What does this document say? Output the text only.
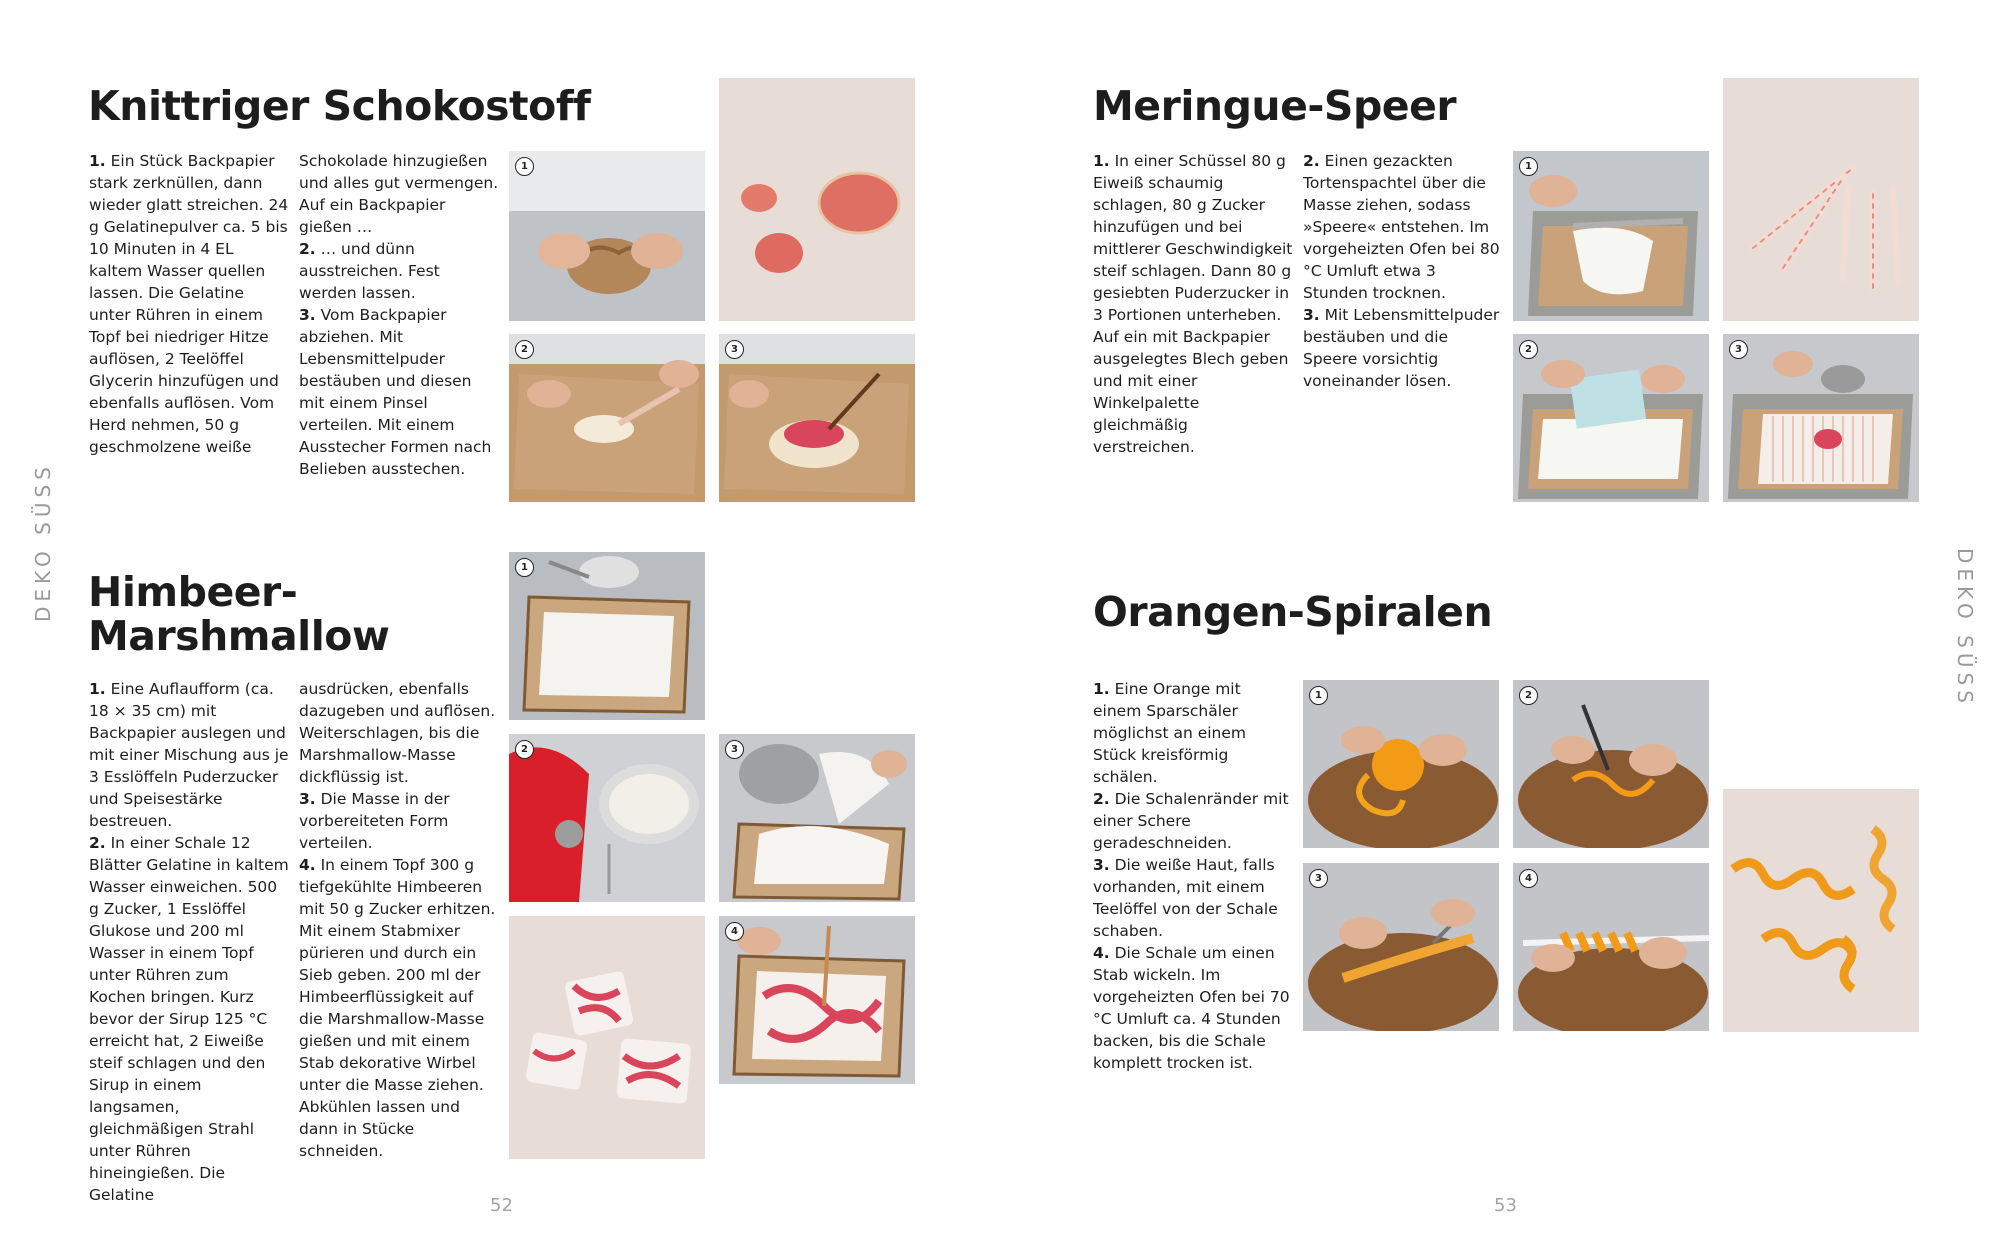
DEKO SÜSS
DEKO SÜSS
Knittriger Schokostoff

1. Ein Stück Backpapier stark zerknüllen, dann wieder glatt streichen. 24 g Gelatinepulver ca. 5 bis 10 Minuten in 4 EL kaltem Wasser quellen lassen. Die Gelatine unter Rühren in einem Topf bei niedriger Hitze auflösen, 2 Teelöffel Glycerin hinzufügen und ebenfalls auflösen. Vom Herd nehmen, 50 g geschmolzene weiße

Schokolade hinzugießen und alles gut vermengen. Auf ein Backpapier gießen …

2. … und dünn ausstreichen. Fest werden lassen.

3. Vom Backpapier abziehen. Mit Lebensmittelpuder bestäuben und diesen mit einem Pinsel verteilen. Mit einem Ausstecher Formen nach Belieben ausstechen.

1
2	3
Himbeer-
Marshmallow

1. Eine Auflaufform (ca. 18 × 35 cm) mit Backpapier auslegen und mit einer Mischung aus je 3 Esslöffeln Puderzucker und Speisestärke bestreuen.

2. In einer Schale 12 Blätter Gelatine in kaltem Wasser einweichen. 500 g Zucker, 1 Esslöffel Glukose und 200 ml Wasser in einem Topf unter Rühren zum Kochen bringen. Kurz bevor der Sirup 125 °C erreicht hat, 2 Eiweiße steif schlagen und den Sirup in einem langsamen, gleichmäßigen Strahl unter Rühren hineingießen. Die Gelatine

ausdrücken, ebenfalls dazugeben und auflösen. Weiterschlagen, bis die Marshmallow-Masse dickflüssig ist.

3. Die Masse in der vorbereiteten Form verteilen.

4. In einem Topf 300 g tiefgekühlte Himbeeren mit 50 g Zucker erhitzen. Mit einem Stabmixer pürieren und durch ein Sieb geben. 200 ml der Himbeerflüssigkeit auf die Marshmallow-Masse gießen und mit einem Stab dekorative Wirbel unter die Masse ziehen. Abkühlen lassen und dann in Stücke schneiden.

1
2	3
4
52
Meringue-Speer

1. In einer Schüssel 80 g Eiweiß schaumig schlagen, 80 g Zucker hinzufügen und bei mittlerer Geschwindigkeit steif schlagen. Dann 80 g gesiebten Puderzucker in 3 Portionen unterheben. Auf ein mit Backpapier ausgelegtes Blech geben und mit einer Winkelpalette gleichmäßig verstreichen.

2. Einen gezackten Tortenspachtel über die Masse ziehen, sodass »Speere« entstehen. Im vorgeheizten Ofen bei 80 °C Umluft etwa 3 Stunden trocknen.

3. Mit Lebensmittelpuder bestäuben und die Speere vorsichtig voneinander lösen.

1
2	3
Orangen-Spiralen

1. Eine Orange mit einem Sparschäler möglichst an einem Stück kreisförmig schälen.

2. Die Schalenränder mit einer Schere geradeschneiden.

3. Die weiße Haut, falls vorhanden, mit einem Teelöffel von der Schale schaben.

4. Die Schale um einen Stab wickeln. Im vorgeheizten Ofen bei 70 °C Umluft ca. 4 Stunden backen, bis die Schale komplett trocken ist.

1	2
3	4
53
